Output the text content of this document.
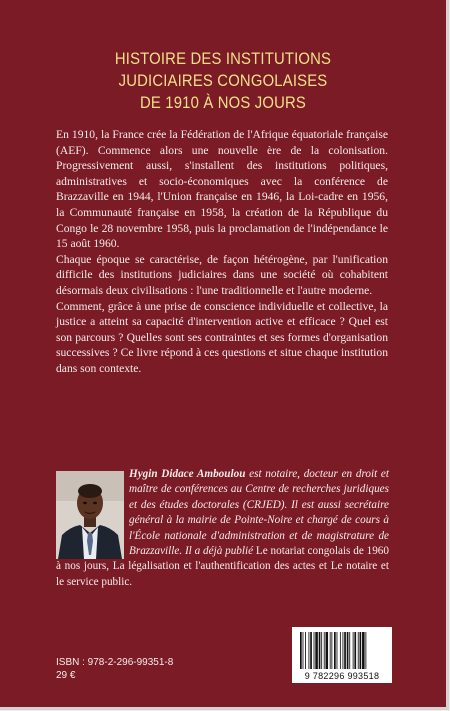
HISTOIRE DES INSTITUTIONS
JUDICIAIRES CONGOLAISES
DE 1910 À NOS JOURS

En 1910, la France crée la Fédération de l'Afrique équatoriale française (AEF). Commence alors une nouvelle ère de la colonisation. Progressivement aussi, s'installent des institutions politiques, administratives et socio-économiques avec la conférence de Brazzaville en 1944, l'Union française en 1946, la Loi-cadre en 1956, la Communauté française en 1958, la création de la République du Congo le 28 novembre 1958, puis la proclamation de l'indépendance le 15 août 1960.

Chaque époque se caractérise, de façon hétérogène, par l'unification difficile des institutions judiciaires dans une société où cohabitent désormais deux civilisations : l'une traditionnelle et l'autre moderne.

Comment, grâce à une prise de conscience individuelle et collective, la justice a atteint sa capacité d'intervention active et efficace ? Quel est son parcours ? Quelles sont ses contraintes et ses formes d'organisation successives ? Ce livre répond à ces questions et situe chaque institution dans son contexte.

Hygin Didace Amboulou est notaire, docteur en droit et maître de conférences au Centre de recherches juridiques et des études doctorales (CRJED). Il est aussi secrétaire général à la mairie de Pointe-Noire et chargé de cours à l'École nationale d'administration et de magistrature de Brazzaville. Il a déjà publié Le notariat congolais de 1960 à nos jours, La légalisation et l'authentification des actes et Le notaire et le service public.
ISBN : 978-2-296-99351-8
29 €	9 782296 993518
